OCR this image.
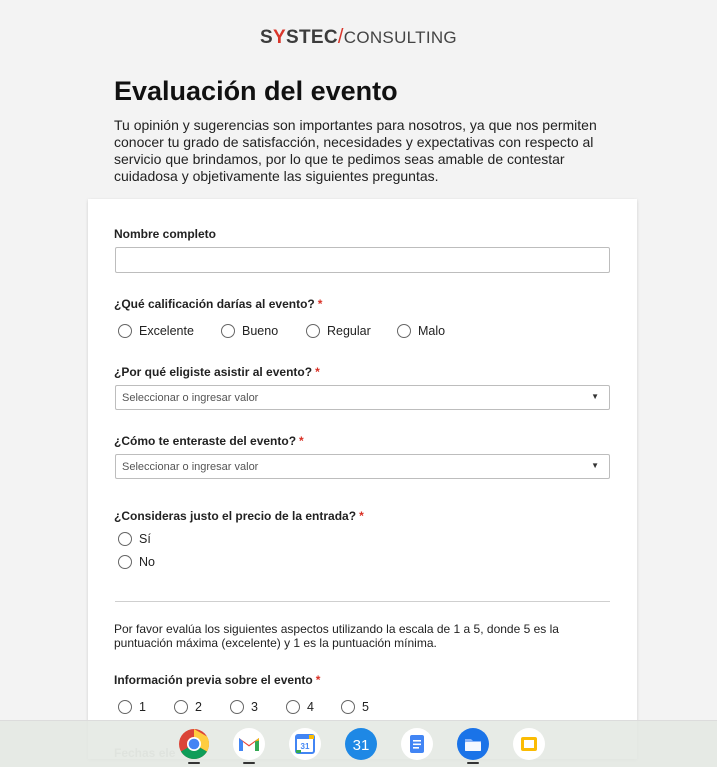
SYSTEC/CONSULTING
Evaluación del evento
Tu opinión y sugerencias son importantes para nosotros, ya que nos permiten conocer tu grado de satisfacción, necesidades y expectativas con respecto al servicio que brindamos, por lo que te pedimos seas amable de contestar cuidadosa y objetivamente las siguientes preguntas.
Nombre completo
¿Qué calificación darías al evento? *
Excelente	Bueno	Regular	Malo
¿Por qué eligiste asistir al evento? *
Seleccionar o ingresar valor	▼
¿Cómo te enteraste del evento? *
Seleccionar o ingresar valor	▼
¿Consideras justo el precio de la entrada? *
Sí
No
Por favor evalúa los siguientes aspectos utilizando la escala de 1 a 5, donde 5 es la puntuación máxima (excelente) y 1 es la puntuación mínima.
Información previa sobre el evento *
1	2	3	4	5
31	31
